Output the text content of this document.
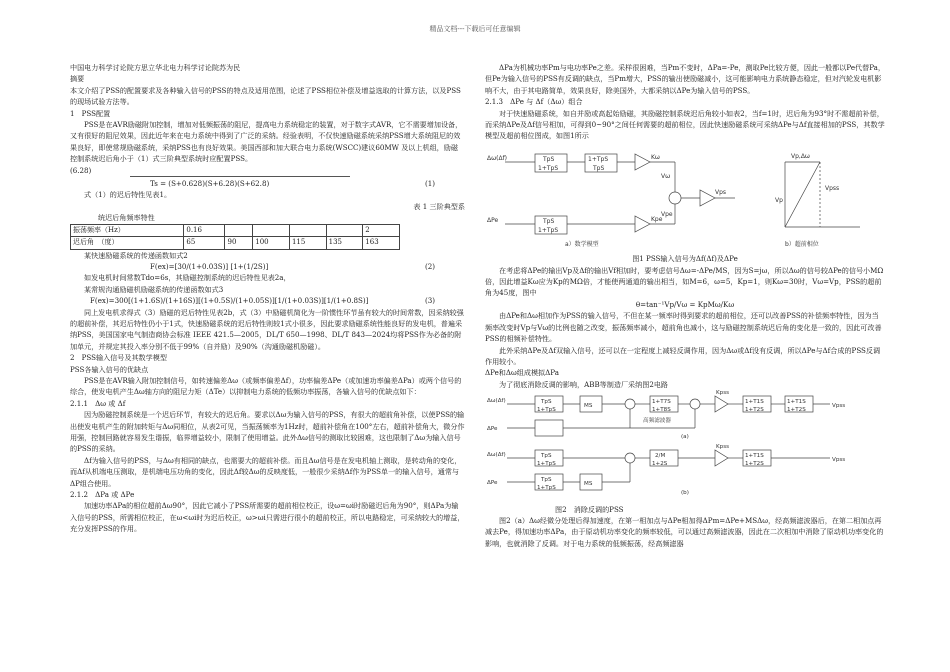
精品文档---下载后可任意编辑

中国电力科学讨论院方思立华北电力科学讨论院苏为民

摘要

本文介绍了PSS的配置要求及各种输入信号的PSS的特点及适用范围，论述了PSS相位补偿及增益选取的计算方法，以及PSS的现场试验方法等。

1　PSS配置

PSS是在AVR励磁附加控制，增加对低频振荡的阻尼，提高电力系统稳定的装置，对于数字式AVR，它不需要增加设备，又有很好的阻尼效果，因此近年来在电力系统中得到了广泛的采纳。经验表明，不仅快速励磁系统采纳PSS增大系统阻尼的效果良好，即使常规励磁系统，采纳PSS也有良好效果。美国西部和加大联合电力系统(WSCC)建议60MW 及以上机组，励磁控制系统迟后角小于（1）式三阶典型系统时应配置PSS。

(6.28)

Ts = (S+0.628)(S+6.28)(S+62.8)	(1)

式（1）的迟后特性见表1。

表 1 三阶典型系

统迟后角频率特性

振荡频率（Hz）	0.16					2
迟后角　（度）	65	90	100	115	135	163

某快速励磁系统的传递函数如式2

F(ex)=[30/(1+0.03S)] [1+(1/2S)]	(2)

如发电机时间常数Tdo=6s，其励磁控制系统的迟后特性见表2a，

某常规沟通励磁机励磁系统的传递函数如式3

F(ex)=300[(1+1.6S)/(1+16S)][(1+0.5S)/(1+0.05S)][1/(1+0.03S)][1/(1+0.8S)]	(3)

同上发电机求得式（3）励磁的迟后特性见表2b，式（3）中励磁机简化为一阶惯性环节虽有较大的时间常数，因采纳较强的超前补偿，其迟后特性仍小于1式，快速励磁系统的迟后特性则较1式小很多，因此要求励磁系统性能良好的发电机，普遍采纳PSS，美国国家电气制造商协会标准 IEEE 421.5—2005，DL/T 650—1998、DL/T 843—2024均将PSS作为必备的附加单元，并规定其投入率分别不低于99%（自并励）及90%（沟通励磁机励磁）。

2　PSS输入信号及其数学模型

PSS各输入信号的优缺点

PSS是在AVR输入附加控制信号，如转速偏差Δω（或频率偏差Δf），功率偏差ΔPe（或加速功率偏差ΔPa）或两个信号的综合，使发电机产生Δω轴方向的阻尼力矩（ΔTe）以抑制电力系统的低频功率振荡，各输入信号的优缺点如下：

2.1.1　Δω 或 Δf

因为励磁控制系统是一个迟后环节，有较大的迟后角。要求以Δω为输入信号的PSS，有很大的超前角补偿，以使PSS的输出使发电机产生的附加转矩与Δω同相位，从表2可见，当振荡频率为1Hz时，超前补偿角在100°左右，超前补偿角大，微分作用强，控制回路就容易发生谐振，临界增益较小，限制了使用增益。此外Δω信号的测取比较困难，这也限制了Δω为输入信号的PSS的采纳。

Δf为输入信号的PSS，与Δω有相同的缺点，也需要大的超前补偿。而且Δω信号是在发电机轴上测取，是转动角的变化，而Δf从机端电压测取，是机端电压功角的变化，因此Δf较Δω的反映度低，一般很少采纳Δf作为PSS单一的输入信号，通常与ΔP组合使用。

2.1.2　ΔPa 或 ΔPe

加速功率ΔPa的相位超前Δω90°，因此它减小了PSS所需要的超前相位校正，设ω=ωi时励磁迟后角为90°，则ΔPa为输入信号的PSS，所需相位校正，在ω<ωi时为迟后校正，ω>ωi只需进行很小的超前校正，所以电路稳定，可采纳较大的增益，充分发挥PSS的作用。

ΔPa为机械功率Pm与电功率Pe之差。采样很困难，当Pm不变时，ΔPa=-Pe，测取Pe比较方便，因此一般都以Pe代替Pa，但Pe为输入信号的PSS有反调的缺点，当Pm增大，PSS的输出使励磁减小，这可能影响电力系统静态稳定，但对汽轮发电机影响不大，由于其电路简单，效果良好，除美国外，大都采纳以ΔPe为输入信号的PSS。

2.1.3　ΔPe 与 Δf（Δω）组合

对于快速励磁系统，如自并励或高起始励磁，其励磁控制系统迟后角较小如表2，当f=1时，迟后角为93°时不需超前补偿，而采纳ΔPe及Δf信号相加，可得到0~90°之间任何需要的超前相位，因此快速励磁系统可采纳ΔPe与Δf直接相加的PSS，其数学模型及超前相位图成，如图1所示

Δω(Δf)
ΔPe
TpS
1+TpS
1+TpS
TpS
TpS
1+TpS
Kω
Kpe
Vps
Vω
Vpe
Vp,Δω
Vpss
Vp
a）数学模型	b）超前相位

图1 PSS输入信号为Δf(Δf)及ΔPe

在考虑将ΔPe的输出Vp及Δf的输出Vf相加时，要考虑信号Δω=-ΔPe/MS，因为S=jω，所以Δω的信号较ΔPe的信号小MΩ倍，因此增益Kω应为Kp的MΩ倍，才能使两通道的输出相当，如M=6，ω=5，Kp=1，则Kω=30时，Vω=Vp，PSS的超前角为45度，图中

θ=tan⁻¹Vp/Vω = KpMω/Kω

由ΔPe和Δω相加作为PSS的输入信号，不但在某一频率时得到要求的超前相位，还可以改善PSS的补偿频率特性，因为当频率改变时Vp与Vω的比例也随之改变，振荡频率减小，超前角也减小，这与励磁控制系统迟后角的变化是一致的，因此可改善PSS的相频补偿特性。

此外采纳ΔPe及Δf双输入信号，还可以在一定程度上减轻反调作用，因为Δω或Δf没有反调，所以ΔPe与Δf合成的PSS反调作用较小。

ΔPe和Δω组成模拟ΔPa

为了彻底消除反调的影响，ABB等制造厂采纳图2电路

Δω(Δf)
ΔPe
Δω(Δf)
ΔPe
TpS
1+TpS
MS
1+T7S
1+T8S
高频滤波器
Kpss
1+T1S
1+T2S
1+T1S
1+T2S
Vpss
(a)
TpS
1+TpS
2/M
1+2S
Kpss
1+T1S
1+T2S
Vpss
TpS
1+TpS
MS
(b)

图2　消除反调的PSS

图2（a）Δω经微分处理后得加速度，在第一相加点与ΔPe相加得ΔPm=ΔPe+MSΔω，经高频滤波器后，在第二相加点再减去Pe，得加速功率ΔPa，由于原动机功率变化的频率较低，可以通过高频滤波器，因此在二次相加中消除了原动机功率变化的影响，也就消除了反调。对于电力系统的低频振荡，经高频滤器
